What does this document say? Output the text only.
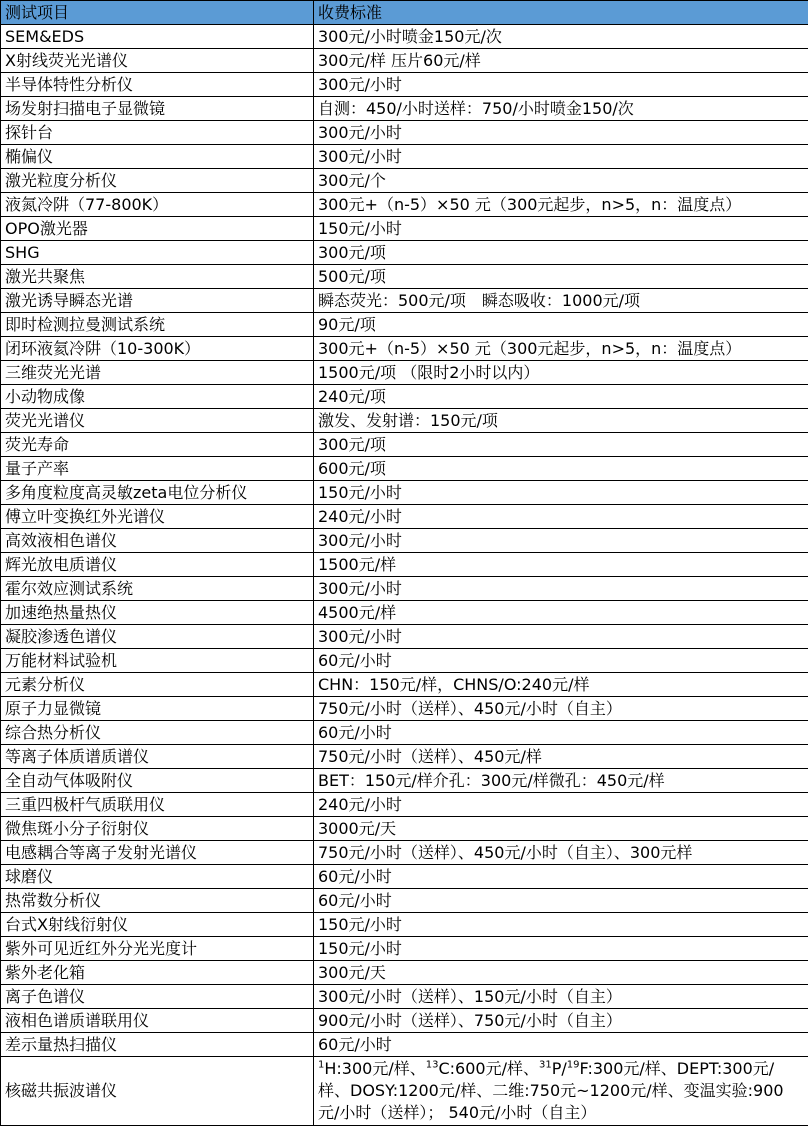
测试项目	收费标准
SEM&EDS	300元/小时喷金150元/次
X射线荧光光谱仪	300元/样 压片60元/样
半导体特性分析仪	300元/小时
场发射扫描电子显微镜	自测：450/小时送样：750/小时喷金150/次
探针台	300元/小时
椭偏仪	300元/小时
激光粒度分析仪	300元/个
液氮冷阱（77-800K）	300元+（n-5）×50 元（300元起步，n>5，n：温度点）
OPO激光器	150元/小时
SHG	300元/项
激光共聚焦	500元/项
激光诱导瞬态光谱	瞬态荧光：500元/项　瞬态吸收：1000元/项
即时检测拉曼测试系统	90元/项
闭环液氦冷阱（10-300K）	300元+（n-5）×50 元（300元起步，n>5，n：温度点）
三维荧光光谱	1500元/项 （限时2小时以内）
小动物成像	240元/项
荧光光谱仪	激发、发射谱：150元/项
荧光寿命	300元/项
量子产率	600元/项
多角度粒度高灵敏zeta电位分析仪	150元/小时
傅立叶变换红外光谱仪	240元/小时
高效液相色谱仪	300元/小时
辉光放电质谱仪	1500元/样
霍尔效应测试系统	300元/小时
加速绝热量热仪	4500元/样
凝胶渗透色谱仪	300元/小时
万能材料试验机	60元/小时
元素分析仪	CHN：150元/样，CHNS/O:240元/样
原子力显微镜	750元/小时（送样）、450元/小时（自主）
综合热分析仪	60元/小时
等离子体质谱质谱仪	750元/小时（送样）、450元/样
全自动气体吸附仪	BET：150元/样介孔：300元/样微孔：450元/样
三重四极杆气质联用仪	240元/小时
微焦斑小分子衍射仪	3000元/天
电感耦合等离子发射光谱仪	750元/小时（送样）、450元/小时（自主）、300元样
球磨仪	60元/小时
热常数分析仪	60元/小时
台式X射线衍射仪	150元/小时
紫外可见近红外分光光度计	150元/小时
紫外老化箱	300元/天
离子色谱仪	300元/小时（送样）、150元/小时（自主）
液相色谱质谱联用仪	900元/小时（送样）、750元/小时（自主）
差示量热扫描仪	60元/小时
核磁共振波谱仪	$^1$H:300元/样、$^{13}$C:600元/样、$^{31}$P/$^{19}$F:300元/样、DEPT:300元/样、DOSY:1200元/样、二维:750元~1200元/样、变温实验:900元/小时（送样）； 540元/小时（自主）
